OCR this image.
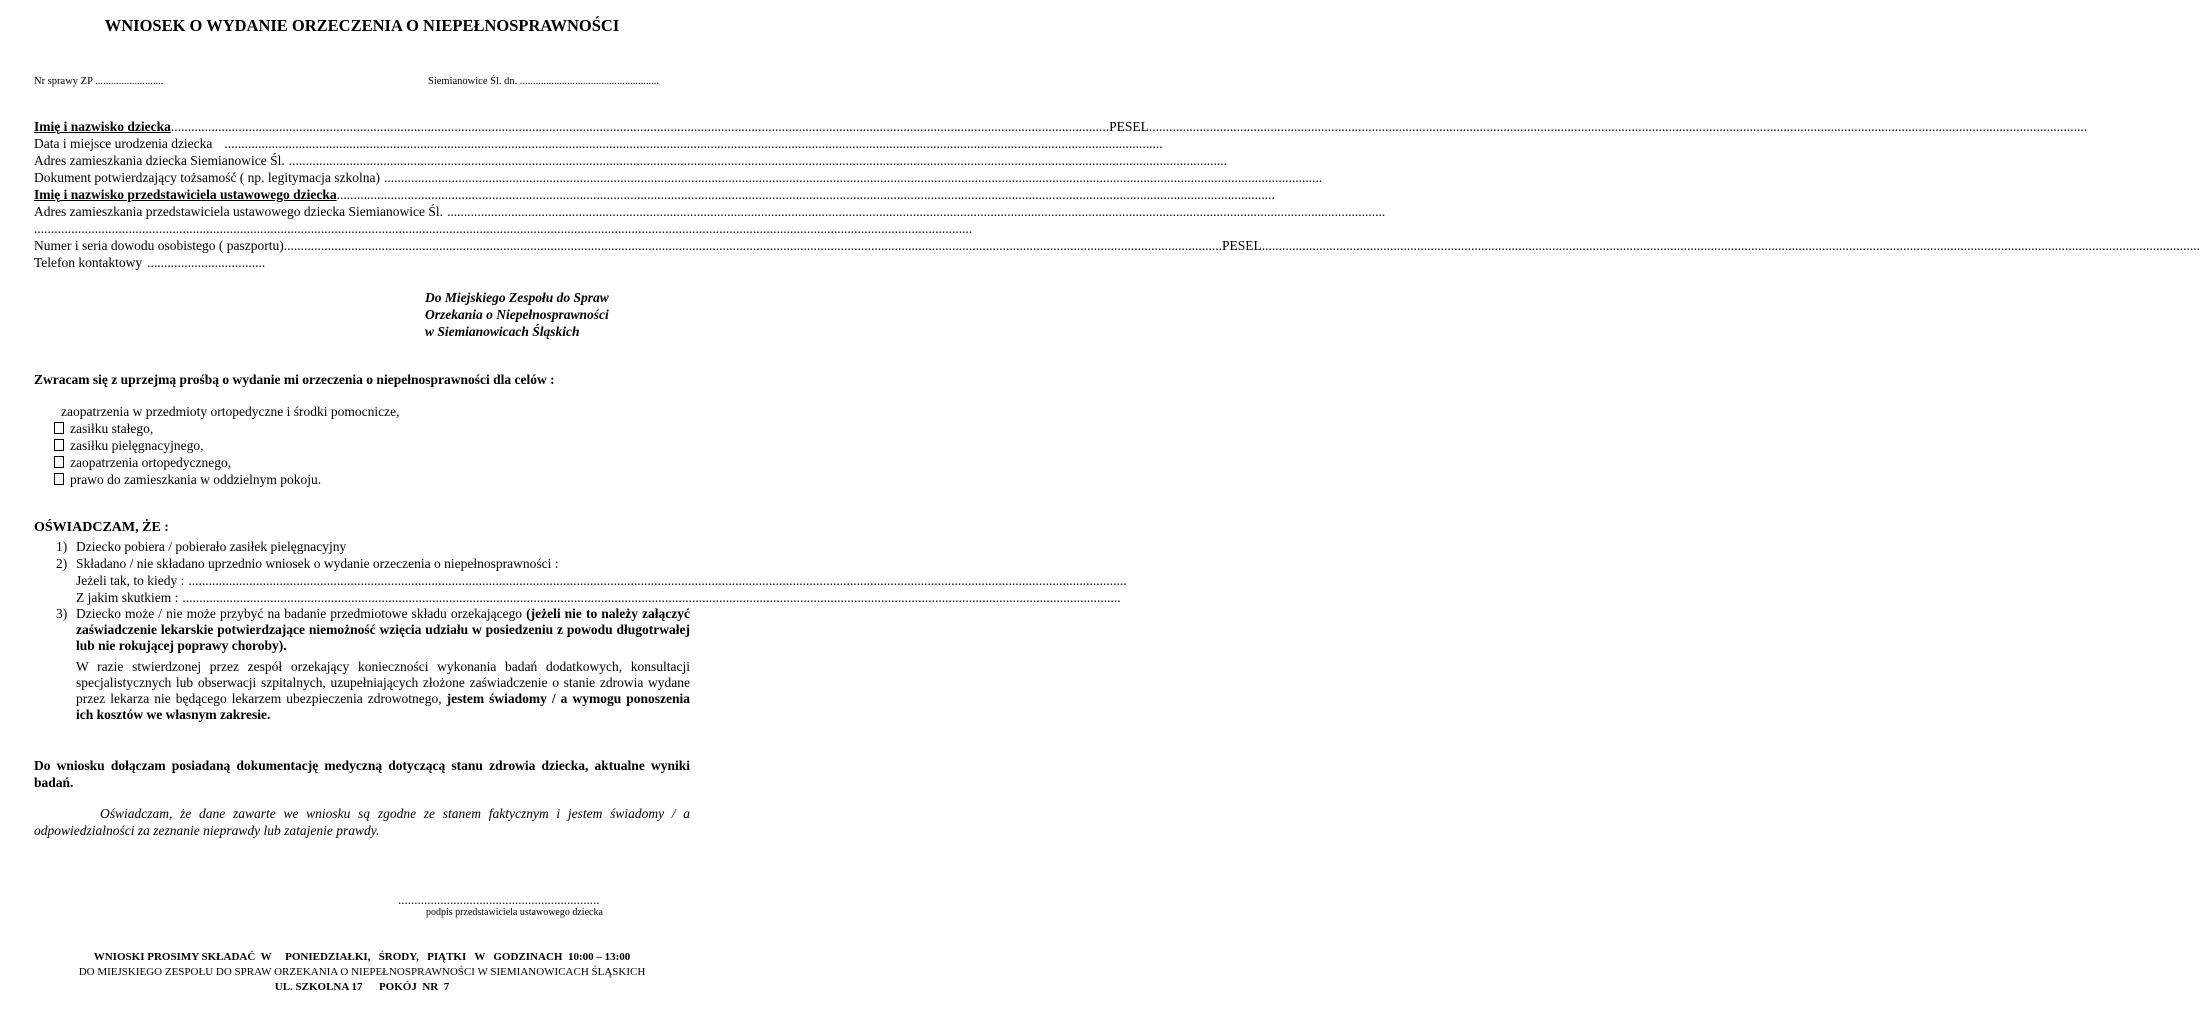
WNIOSEK O WYDANIE ORZECZENIA O NIEPEŁNOSPRAWNOŚCI
Nr sprawy ZP ..........................	Siemianowice Śl. dn. .....................................................
Imię i nazwisko dziecka ...................................................................................................................................................................................................................................................................................... PESEL ......................................................................................................................................................................................................................................................................................
Data i miejsce urodzenia dziecka ......................................................................................................................................................................................................................................................................................
Adres zamieszkania dziecka Siemianowice Śl. ......................................................................................................................................................................................................................................................................................
Dokument potwierdzający tożsamość ( np. legitymacja szkolna) ......................................................................................................................................................................................................................................................................................
Imię i nazwisko przedstawiciela ustawowego dziecka ......................................................................................................................................................................................................................................................................................
Adres zamieszkania przedstawiciela ustawowego dziecka Siemianowice Śl. ......................................................................................................................................................................................................................................................................................
......................................................................................................................................................................................................................................................................................
Numer i seria dowodu osobistego ( paszportu) ...................................................................................................................................................................................................................................................................................... PESEL ......................................................................................................................................................................................................................................................................................
Telefon kontaktowy ...................................
Do Miejskiego Zespołu do Spraw
Orzekania o Niepełnosprawności
w Siemianowicach Śląskich
Zwracam się z uprzejmą prośbą o wydanie mi orzeczenia o niepełnosprawności dla celów :
zaopatrzenia w przedmioty ortopedyczne i środki pomocnicze,
zasiłku stałego,
zasiłku pielęgnacyjnego,
zaopatrzenia ortopedycznego,
prawo do zamieszkania w oddzielnym pokoju.
OŚWIADCZAM, ŻE :
1) Dziecko pobiera / pobierało zasiłek pielęgnacyjny
2) Składano / nie składano uprzednio wniosek o wydanie orzeczenia o niepełnosprawności :
Jeżeli tak, to kiedy : ......................................................................................................................................................................................................................................................................................
Z jakim skutkiem : ......................................................................................................................................................................................................................................................................................
3) Dziecko może / nie może przybyć na badanie przedmiotowe składu orzekającego (jeżeli nie to należy załączyć zaświadczenie lekarskie potwierdzające niemożność wzięcia udziału w posiedzeniu z powodu długotrwałej lub nie rokującej poprawy choroby).
W razie stwierdzonej przez zespół orzekający konieczności wykonania badań dodatkowych, konsultacji specjalistycznych lub obserwacji szpitalnych, uzupełniających złożone zaświadczenie o stanie zdrowia wydane przez lekarza nie będącego lekarzem ubezpieczenia zdrowotnego, jestem świadomy / a wymogu ponoszenia ich kosztów we własnym zakresie.
Do wniosku dołączam posiadaną dokumentację medyczną dotyczącą stanu zdrowia dziecka, aktualne wyniki badań.
Oświadczam, że dane zawarte we wniosku są zgodne ze stanem faktycznym i jestem świadomy / a odpowiedzialności za zeznanie nieprawdy lub zatajenie prawdy.
..............................................................
podpis przedstawiciela ustawowego dziecka
WNIOSKI PROSIMY SKŁADAĆ  W     PONIEDZIAŁKI,   ŚRODY,   PIĄTKI   W   GODZINACH  10:00 – 13:00
DO MIEJSKIEGO ZESPOŁU DO SPRAW ORZEKANIA O NIEPEŁNOSPRAWNOŚCI W SIEMIANOWICACH ŚLĄSKICH
UL. SZKOLNA 17      POKÓJ  NR  7
